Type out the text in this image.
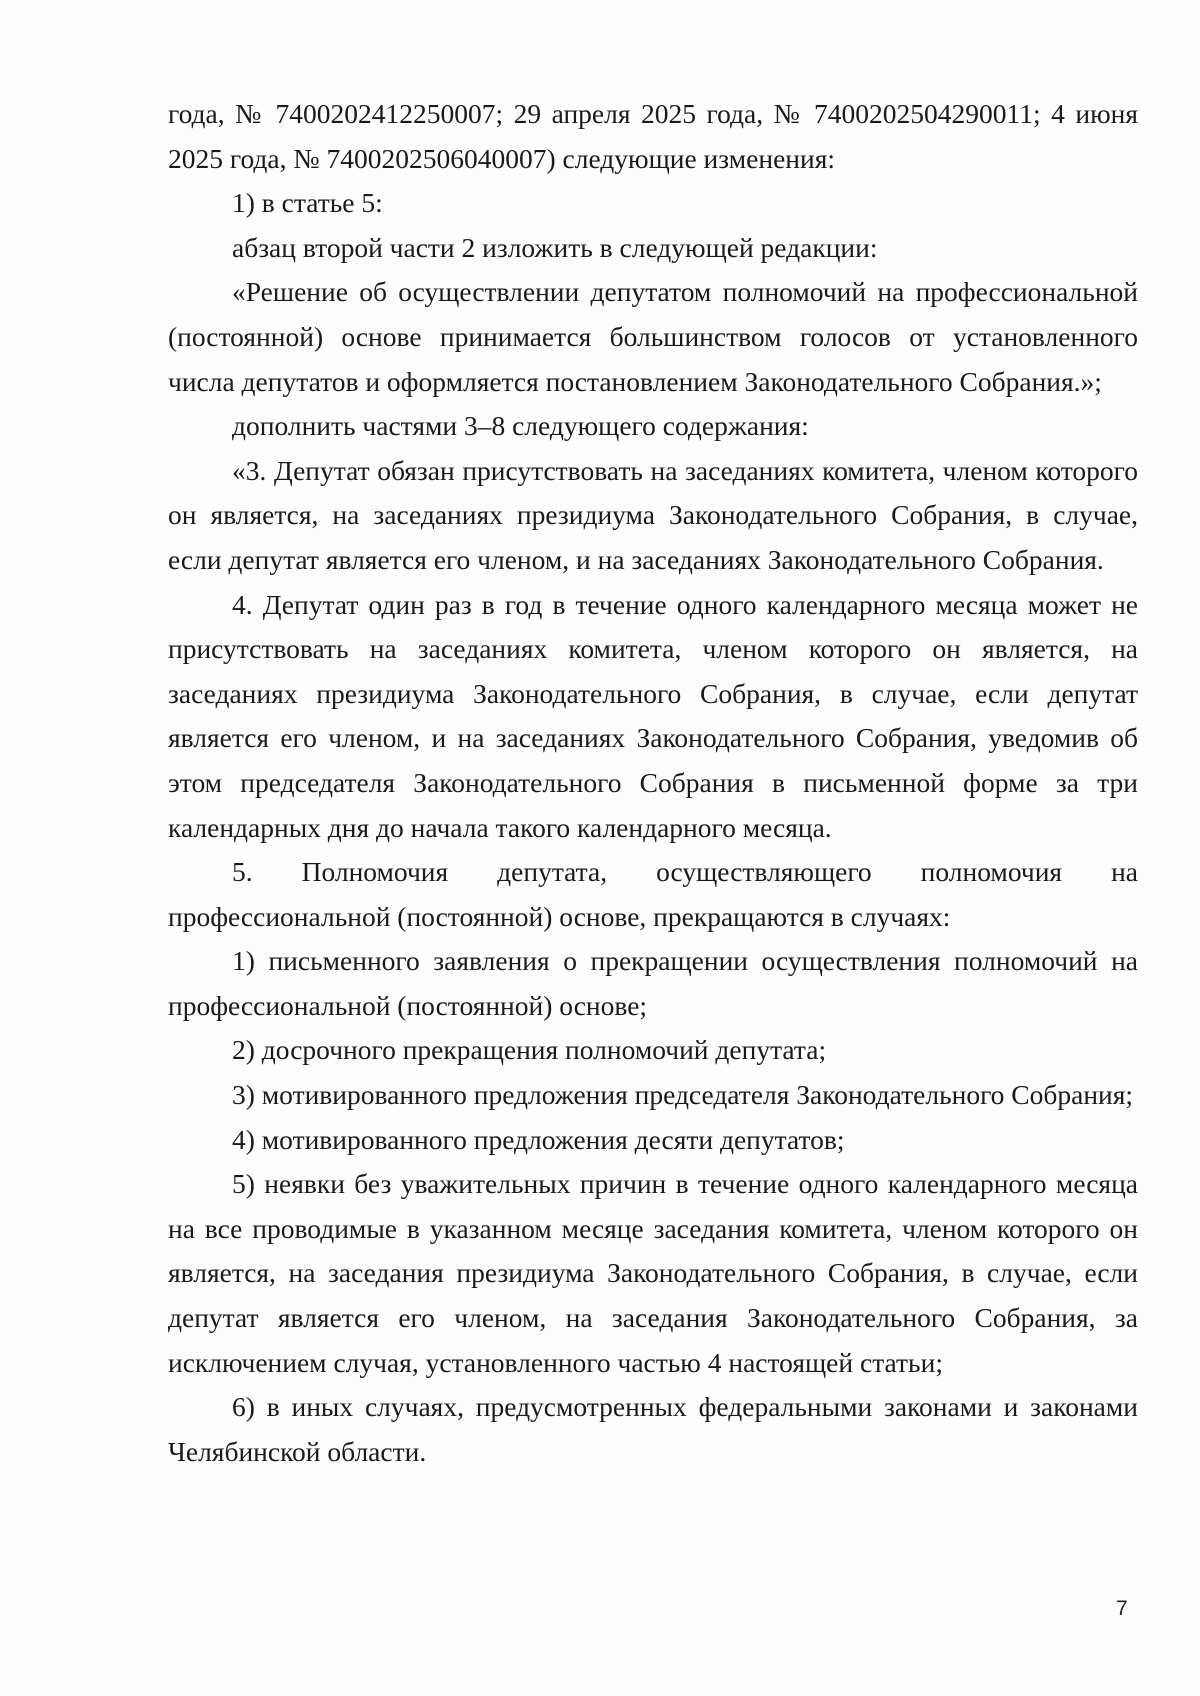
года, № 7400202412250007; 29 апреля 2025 года, № 7400202504290011; 4 июня 2025 года, № 7400202506040007) следующие изменения:

1) в статье 5:

абзац второй части 2 изложить в следующей редакции:

«Решение об осуществлении депутатом полномочий на профессиональной (постоянной) основе принимается большинством голосов от установленного числа депутатов и оформляется постановлением Законодательного Собрания.»;

дополнить частями 3–8 следующего содержания:

«3. Депутат обязан присутствовать на заседаниях комитета, членом которого он является, на заседаниях президиума Законодательного Собрания, в случае, если депутат является его членом, и на заседаниях Законодательного Собрания.

4. Депутат один раз в год в течение одного календарного месяца может не присутствовать на заседаниях комитета, членом которого он является, на заседаниях президиума Законодательного Собрания, в случае, если депутат является его членом, и на заседаниях Законодательного Собрания, уведомив об этом председателя Законодательного Собрания в письменной форме за три календарных дня до начала такого календарного месяца.

5. Полномочия депутата, осуществляющего полномочия на профессиональной (постоянной) основе, прекращаются в случаях:

1) письменного заявления о прекращении осуществления полномочий на профессиональной (постоянной) основе;

2) досрочного прекращения полномочий депутата;

3) мотивированного предложения председателя Законодательного Собрания;

4) мотивированного предложения десяти депутатов;

5) неявки без уважительных причин в течение одного календарного месяца на все проводимые в указанном месяце заседания комитета, членом которого он является, на заседания президиума Законодательного Собрания, в случае, если депутат является его членом, на заседания Законодательного Собрания, за исключением случая, установленного частью 4 настоящей статьи;

6) в иных случаях, предусмотренных федеральными законами и законами Челябинской области.

7
